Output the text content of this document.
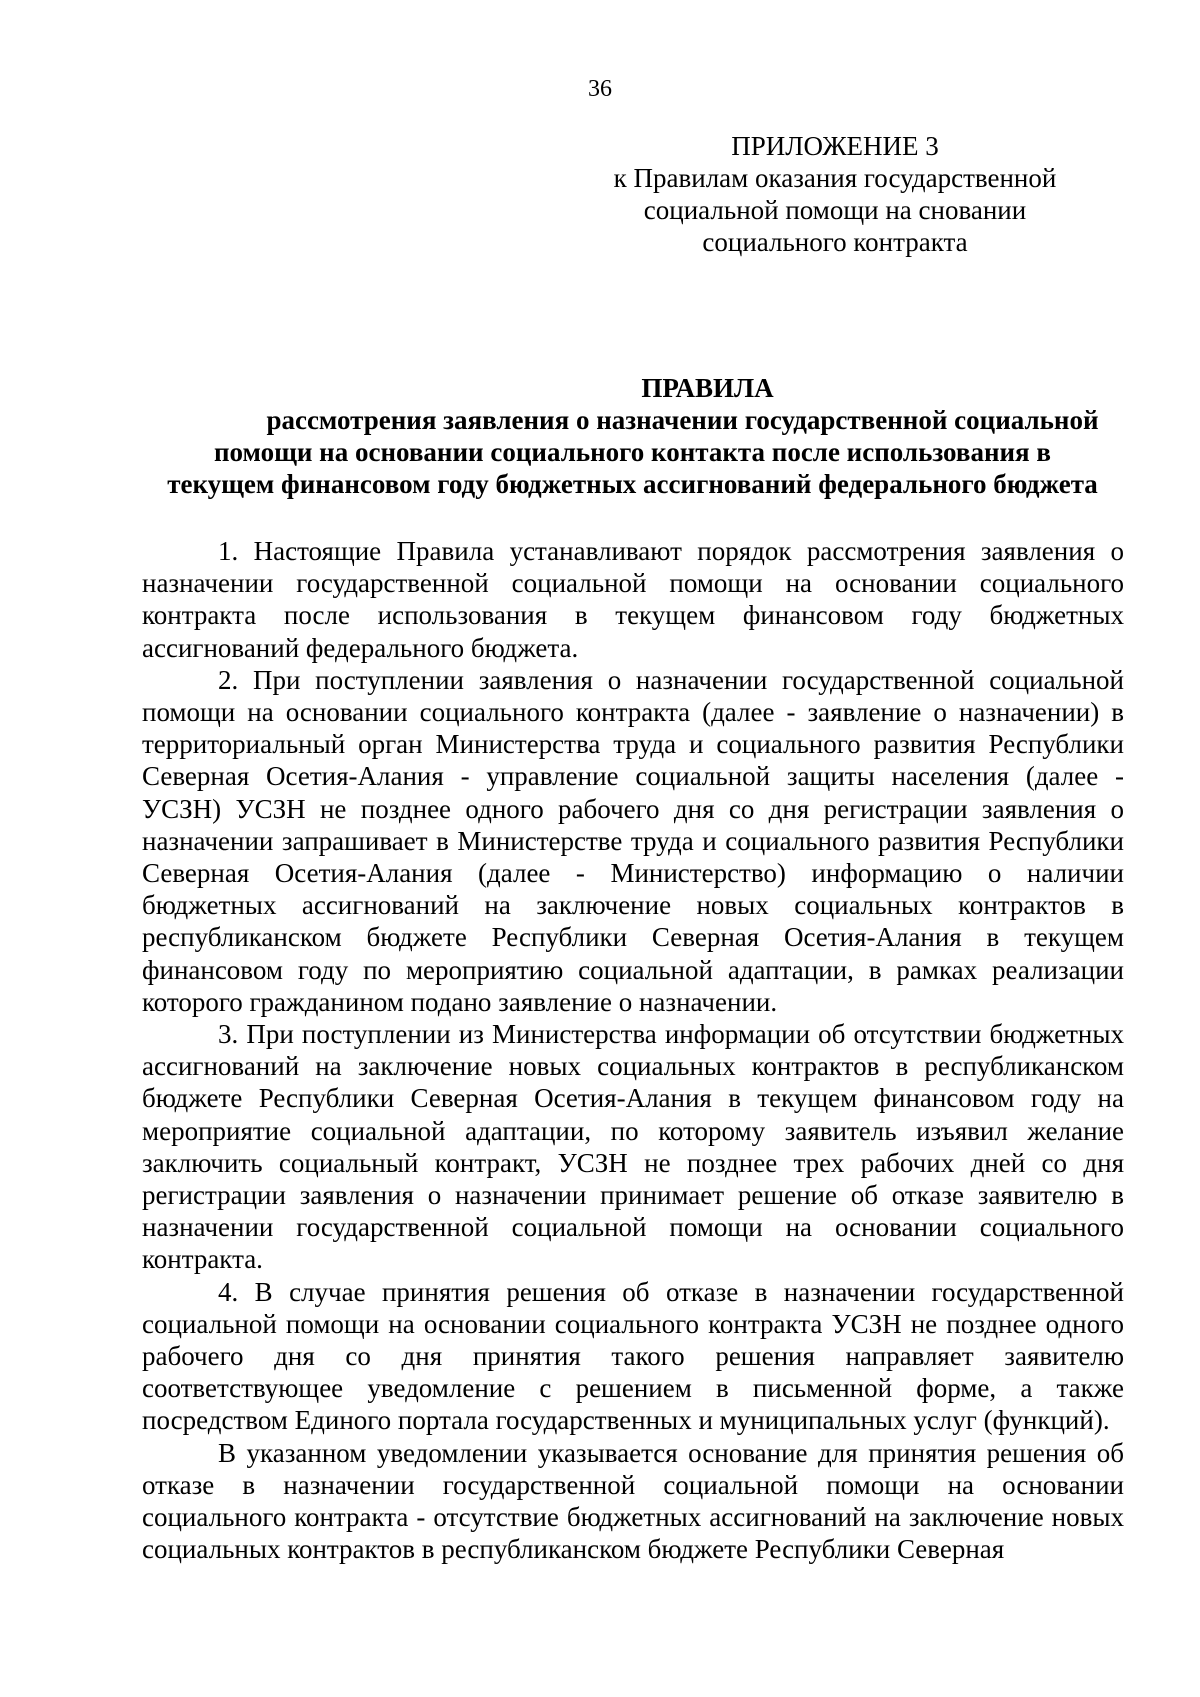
36
ПРИЛОЖЕНИЕ 3
к Правилам оказания государственной
социальной помощи на сновании
социального контракта
ПРАВИЛА
рассмотрения заявления о назначении государственной социальной
помощи на основании социального контакта после использования в
текущем финансовом году бюджетных ассигнований федерального бюджета

1. Настоящие Правила устанавливают порядок рассмотрения заявления о назначении государственной социальной помощи на основании социального контракта после использования в текущем финансовом году бюджетных ассигнований федерального бюджета.

2. При поступлении заявления о назначении государственной социальной помощи на основании социального контракта (далее - заявление о назначении) в территориальный орган Министерства труда и социального развития Республики Северная Осетия-Алания - управление социальной защиты населения (далее - УСЗН) УСЗН не позднее одного рабочего дня со дня регистрации заявления о назначении запрашивает в Министерстве труда и социального развития Республики Северная Осетия-Алания (далее - Министерство) информацию о наличии бюджетных ассигнований на заключение новых социальных контрактов в республиканском бюджете Республики Северная Осетия-Алания в текущем финансовом году по мероприятию социальной адаптации, в рамках реализации которого гражданином подано заявление о назначении.

3. При поступлении из Министерства информации об отсутствии бюджетных ассигнований на заключение новых социальных контрактов в республиканском бюджете Республики Северная Осетия-Алания в текущем финансовом году на мероприятие социальной адаптации, по которому заявитель изъявил желание заключить социальный контракт, УСЗН не позднее трех рабочих дней со дня регистрации заявления о назначении принимает решение об отказе заявителю в назначении государственной социальной помощи на основании социального контракта.

4. В случае принятия решения об отказе в назначении государственной социальной помощи на основании социального контракта УСЗН не позднее одного рабочего дня со дня принятия такого решения направляет заявителю соответствующее уведомление с решением в письменной форме, а также посредством Единого портала государственных и муниципальных услуг (функций).

В указанном уведомлении указывается основание для принятия решения об отказе в назначении государственной социальной помощи на основании социального контракта - отсутствие бюджетных ассигнований на заключение новых социальных контрактов в республиканском бюджете Республики Северная
